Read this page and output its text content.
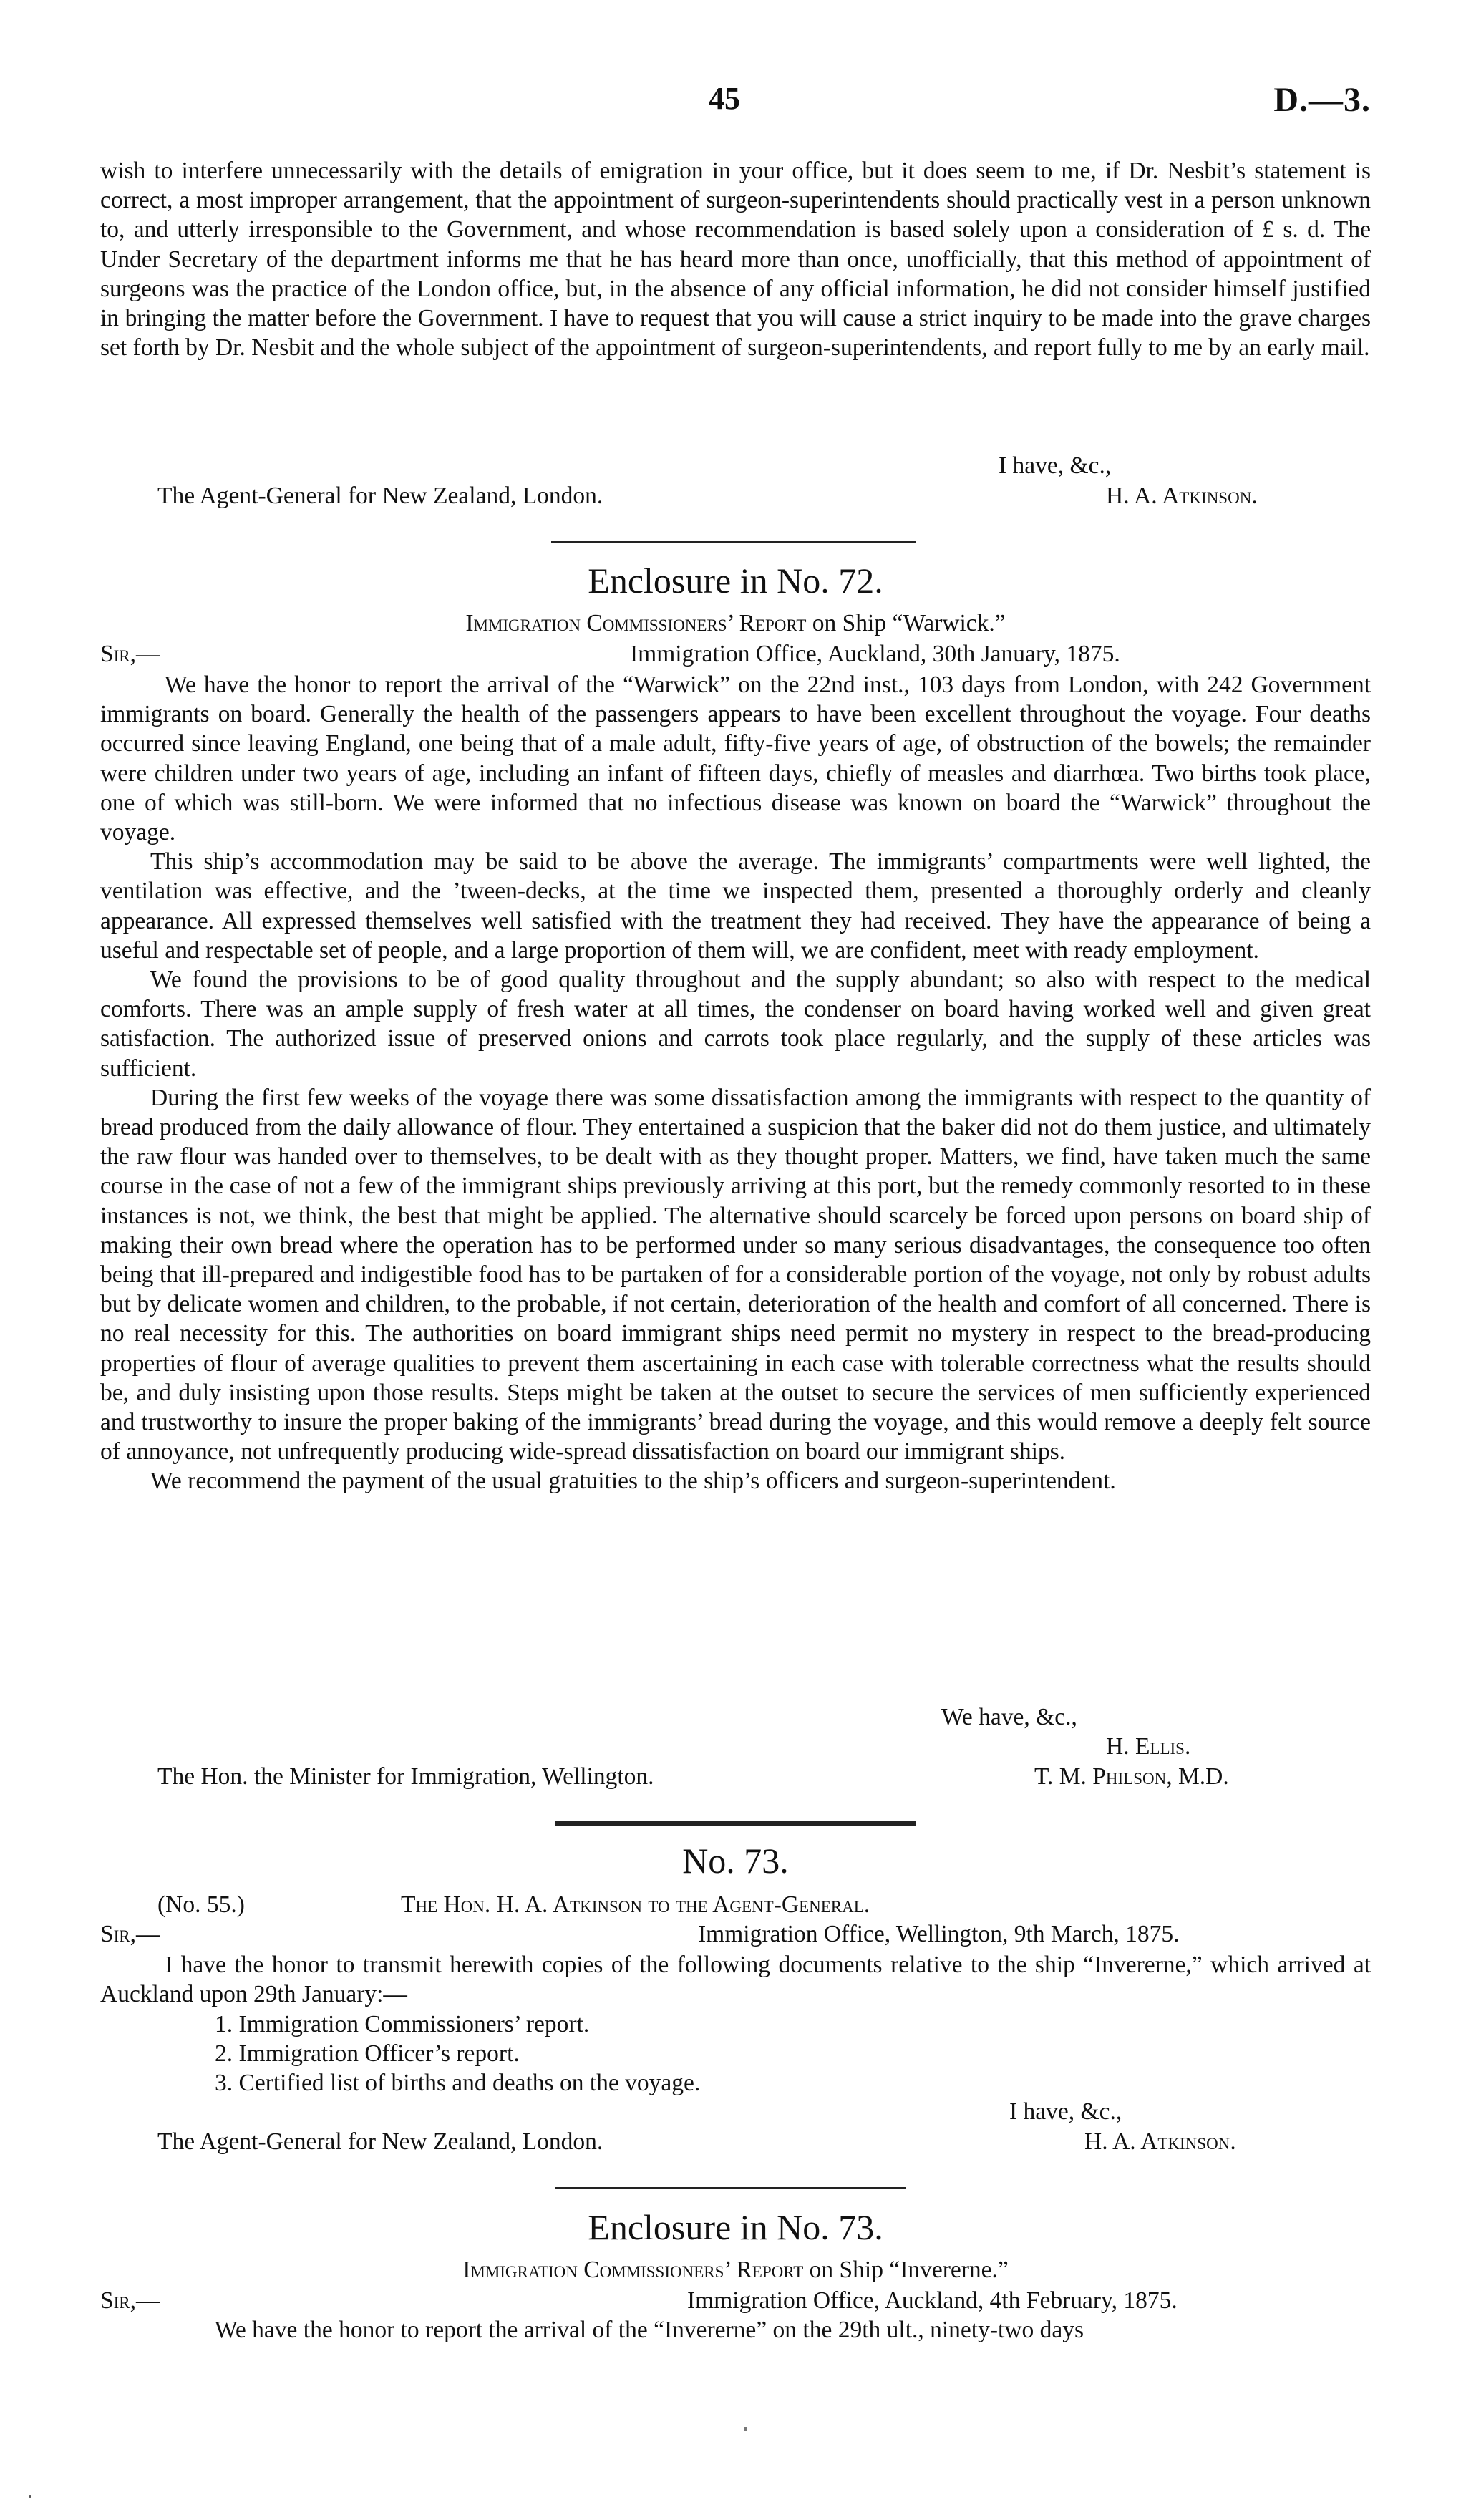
45	D.—3.

wish to interfere unnecessarily with the details of emigration in your office, but it does seem to me, if Dr. Nesbit’s statement is correct, a most improper arrangement, that the appointment of surgeon-superintendents should practically vest in a person unknown to, and utterly irresponsible to the Government, and whose recommendation is based solely upon a consideration of £ s. d. The Under Secretary of the department informs me that he has heard more than once, unofficially, that this method of appointment of surgeons was the practice of the London office, but, in the absence of any official information, he did not consider himself justified in bringing the matter before the Government. I have to request that you will cause a strict inquiry to be made into the grave charges set forth by Dr. Nesbit and the whole subject of the appointment of surgeon-superintendents, and report fully to me by an early mail.

I have, &c.,
The Agent-General for New Zealand, London.	H. A. Atkinson.
Enclosure in No. 72.
Immigration Commissioners’ Report on Ship “Warwick.”
Sir,—	Immigration Office, Auckland, 30th January, 1875.

We have the honor to report the arrival of the “Warwick” on the 22nd inst., 103 days from London, with 242 Government immigrants on board. Generally the health of the passengers appears to have been excellent throughout the voyage. Four deaths occurred since leaving England, one being that of a male adult, fifty-five years of age, of obstruction of the bowels; the remainder were children under two years of age, including an infant of fifteen days, chiefly of measles and diarrhœa. Two births took place, one of which was still-born. We were informed that no infectious disease was known on board the “Warwick” throughout the voyage.

This ship’s accommodation may be said to be above the average. The immigrants’ compartments were well lighted, the ventilation was effective, and the ’tween-decks, at the time we inspected them, presented a thoroughly orderly and cleanly appearance. All expressed themselves well satisfied with the treatment they had received. They have the appearance of being a useful and respectable set of people, and a large proportion of them will, we are confident, meet with ready employment.

We found the provisions to be of good quality throughout and the supply abundant; so also with respect to the medical comforts. There was an ample supply of fresh water at all times, the condenser on board having worked well and given great satisfaction. The authorized issue of preserved onions and carrots took place regularly, and the supply of these articles was sufficient.

During the first few weeks of the voyage there was some dissatisfaction among the immigrants with respect to the quantity of bread produced from the daily allowance of flour. They entertained a suspicion that the baker did not do them justice, and ultimately the raw flour was handed over to themselves, to be dealt with as they thought proper. Matters, we find, have taken much the same course in the case of not a few of the immigrant ships previously arriving at this port, but the remedy commonly resorted to in these instances is not, we think, the best that might be applied. The alternative should scarcely be forced upon persons on board ship of making their own bread where the operation has to be performed under so many serious disadvantages, the consequence too often being that ill-prepared and indigestible food has to be partaken of for a considerable portion of the voyage, not only by robust adults but by delicate women and children, to the probable, if not certain, deterioration of the health and comfort of all concerned. There is no real necessity for this. The authorities on board immigrant ships need permit no mystery in respect to the bread-producing properties of flour of average qualities to prevent them ascertaining in each case with tolerable correctness what the results should be, and duly insisting upon those results. Steps might be taken at the outset to secure the services of men sufficiently experienced and trustworthy to insure the proper baking of the immigrants’ bread during the voyage, and this would remove a deeply felt source of annoyance, not unfrequently producing wide-spread dissatisfaction on board our immigrant ships.

We recommend the payment of the usual gratuities to the ship’s officers and surgeon-superintendent.

We have, &c.,
H. Ellis.
The Hon. the Minister for Immigration, Wellington.	T. M. Philson, M.D.
No. 73.
(No. 55.)	The Hon. H. A. Atkinson to the Agent-General.
Sir,—	Immigration Office, Wellington, 9th March, 1875.

I have the honor to transmit herewith copies of the following documents relative to the ship “Invererne,” which arrived at Auckland upon 29th January:—

1. Immigration Commissioners’ report.
2. Immigration Officer’s report.
3. Certified list of births and deaths on the voyage.
I have, &c.,
The Agent-General for New Zealand, London.	H. A. Atkinson.
Enclosure in No. 73.
Immigration Commissioners’ Report on Ship “Invererne.”
Sir,—	Immigration Office, Auckland, 4th February, 1875.
We have the honor to report the arrival of the “Invererne” on the 29th ult., ninety-two days
